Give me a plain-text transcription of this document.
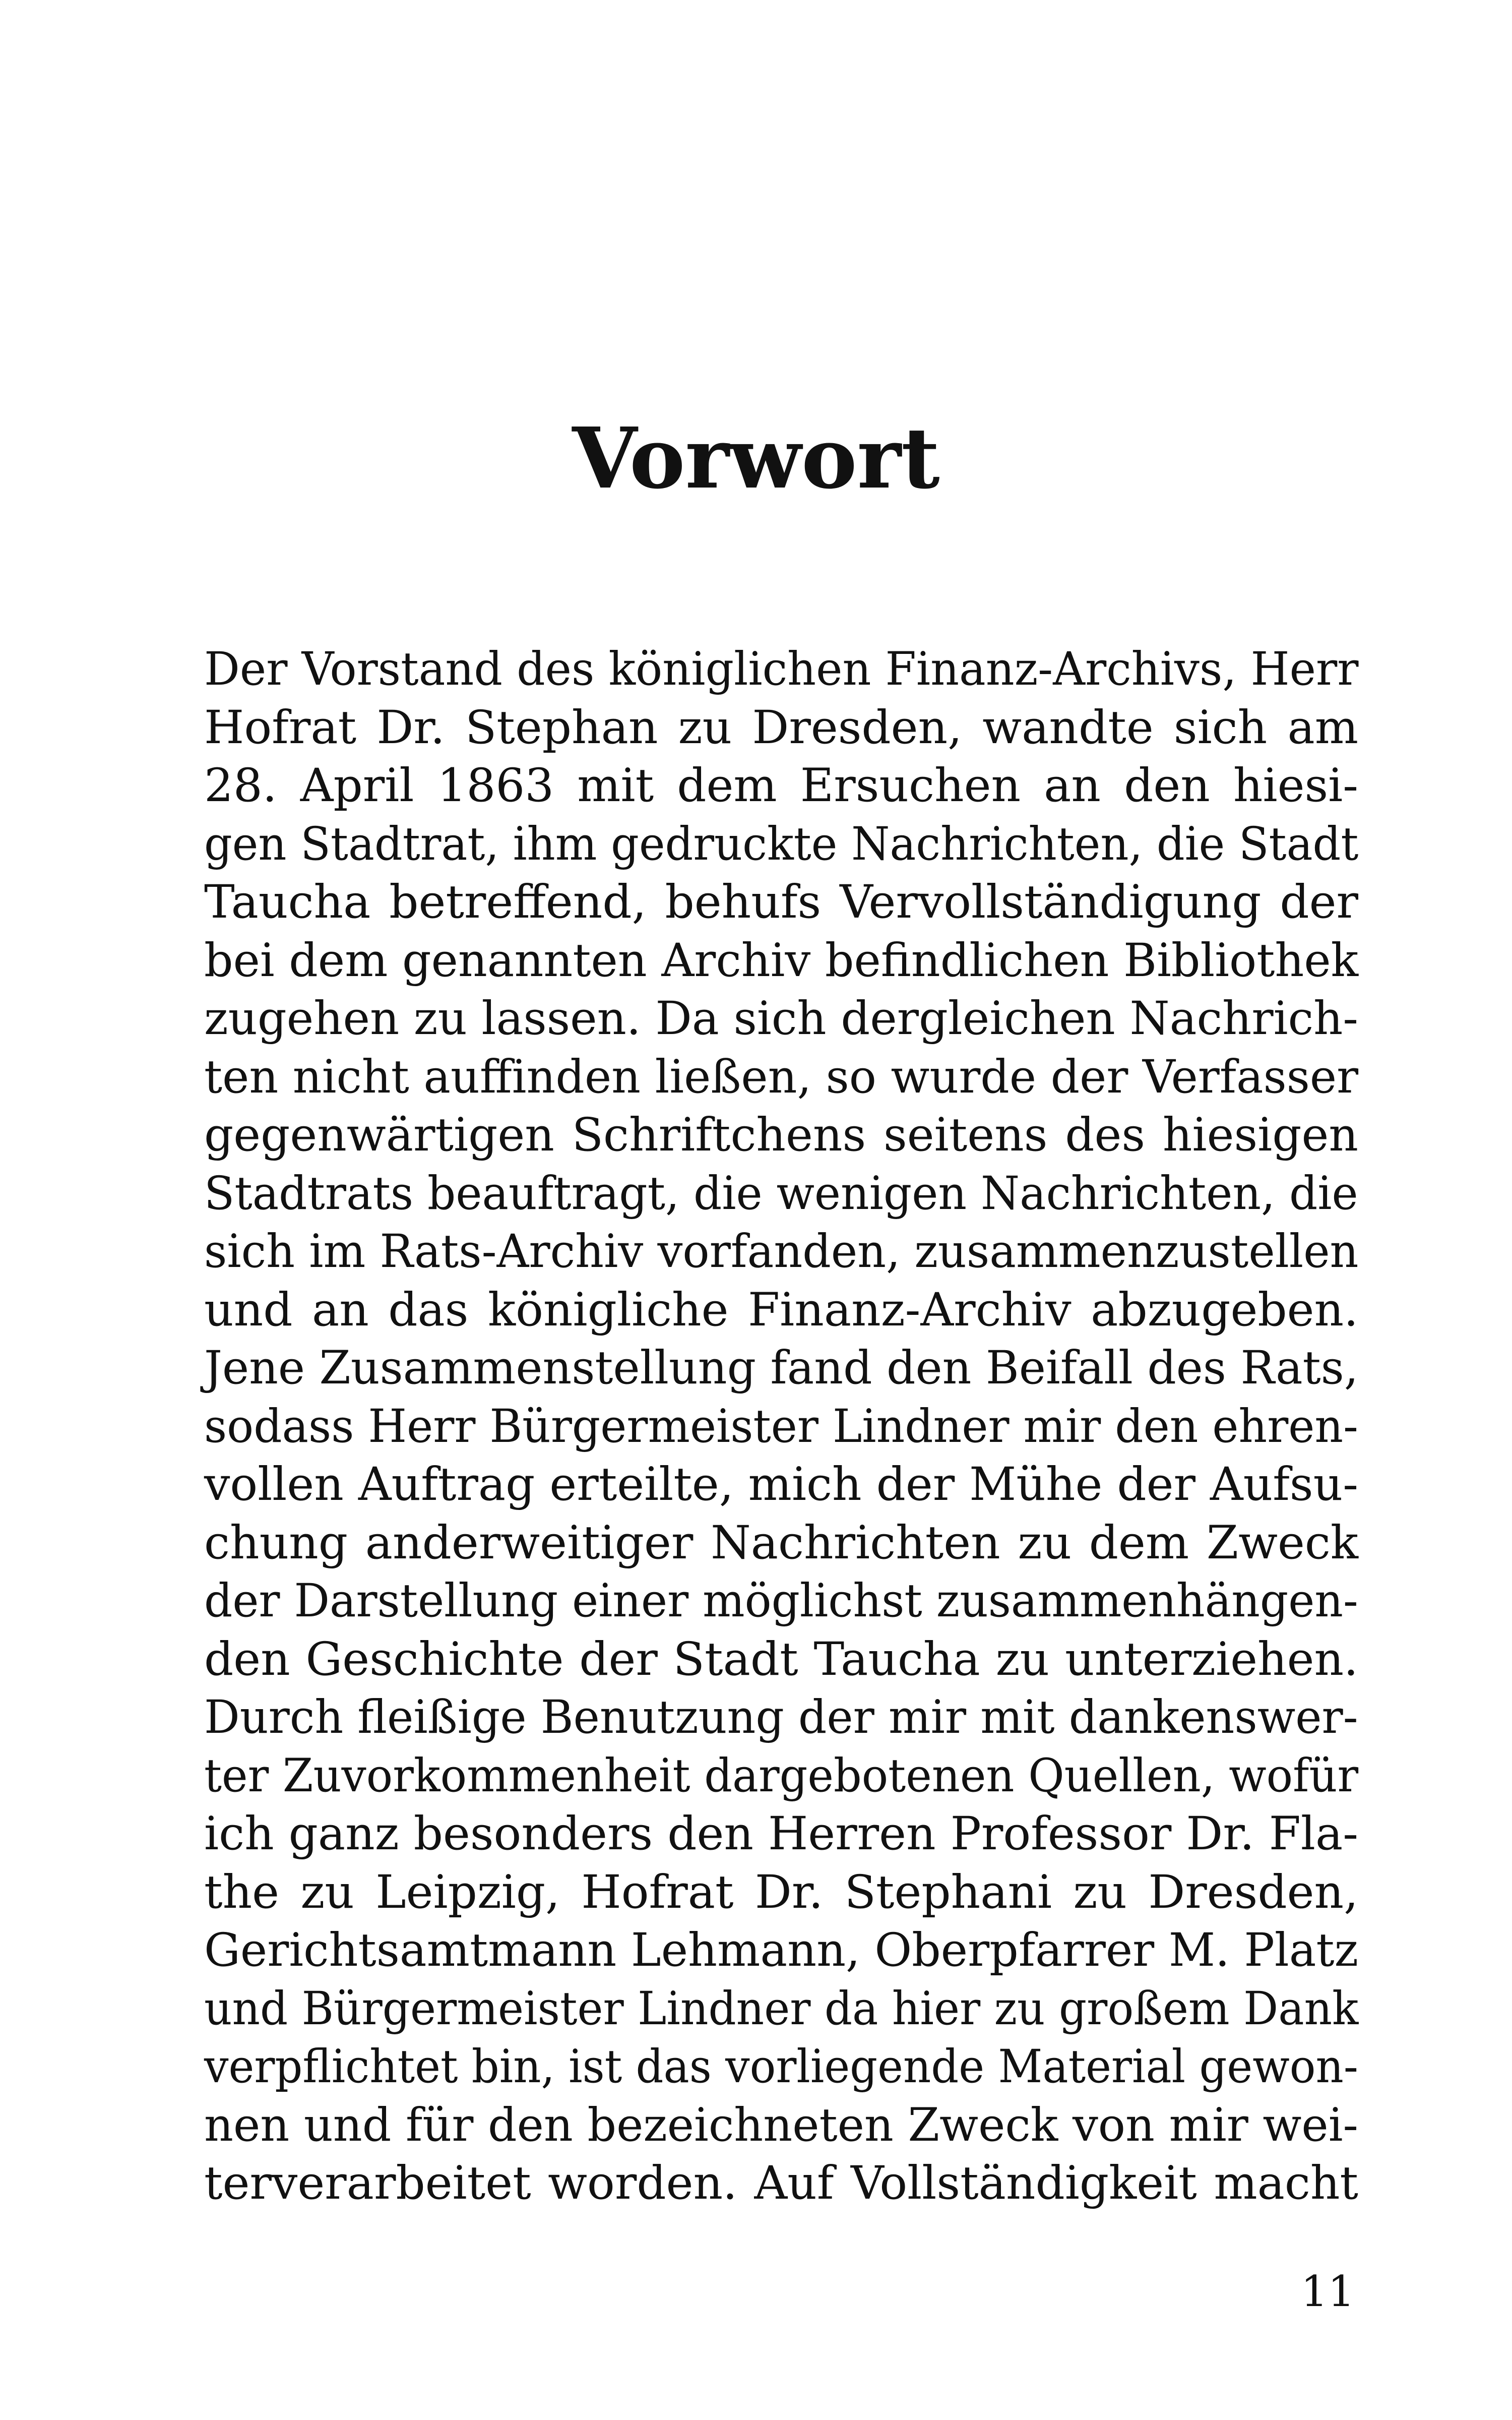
Vorwort
Der Vorstand des königlichen Finanz-Archivs, Herr
Hofrat Dr. Stephan zu Dresden, wandte sich am
28. April 1863 mit dem Ersuchen an den hiesi-
gen Stadtrat, ihm gedruckte Nachrichten, die Stadt
Taucha betreffend, behufs Vervollständigung der
bei dem genannten Archiv befindlichen Bibliothek
zugehen zu lassen. Da sich dergleichen Nachrich-
ten nicht auffinden ließen, so wurde der Verfasser
gegenwärtigen Schriftchens seitens des hiesigen
Stadtrats beauftragt, die wenigen Nachrichten, die
sich im Rats-Archiv vorfanden, zusammenzustellen
und an das königliche Finanz-Archiv abzugeben.
Jene Zusammenstellung fand den Beifall des Rats,
sodass Herr Bürgermeister Lindner mir den ehren-
vollen Auftrag erteilte, mich der Mühe der Aufsu-
chung anderweitiger Nachrichten zu dem Zweck
der Darstellung einer möglichst zusammenhängen-
den Geschichte der Stadt Taucha zu unterziehen.
Durch fleißige Benutzung der mir mit dankenswer-
ter Zuvorkommenheit dargebotenen Quellen, wofür
ich ganz besonders den Herren Professor Dr. Fla-
the zu Leipzig, Hofrat Dr. Stephani zu Dresden,
Gerichtsamtmann Lehmann, Oberpfarrer M. Platz
und Bürgermeister Lindner da hier zu großem Dank
verpflichtet bin, ist das vorliegende Material gewon-
nen und für den bezeichneten Zweck von mir wei-
terverarbeitet worden. Auf Vollständigkeit macht
11
